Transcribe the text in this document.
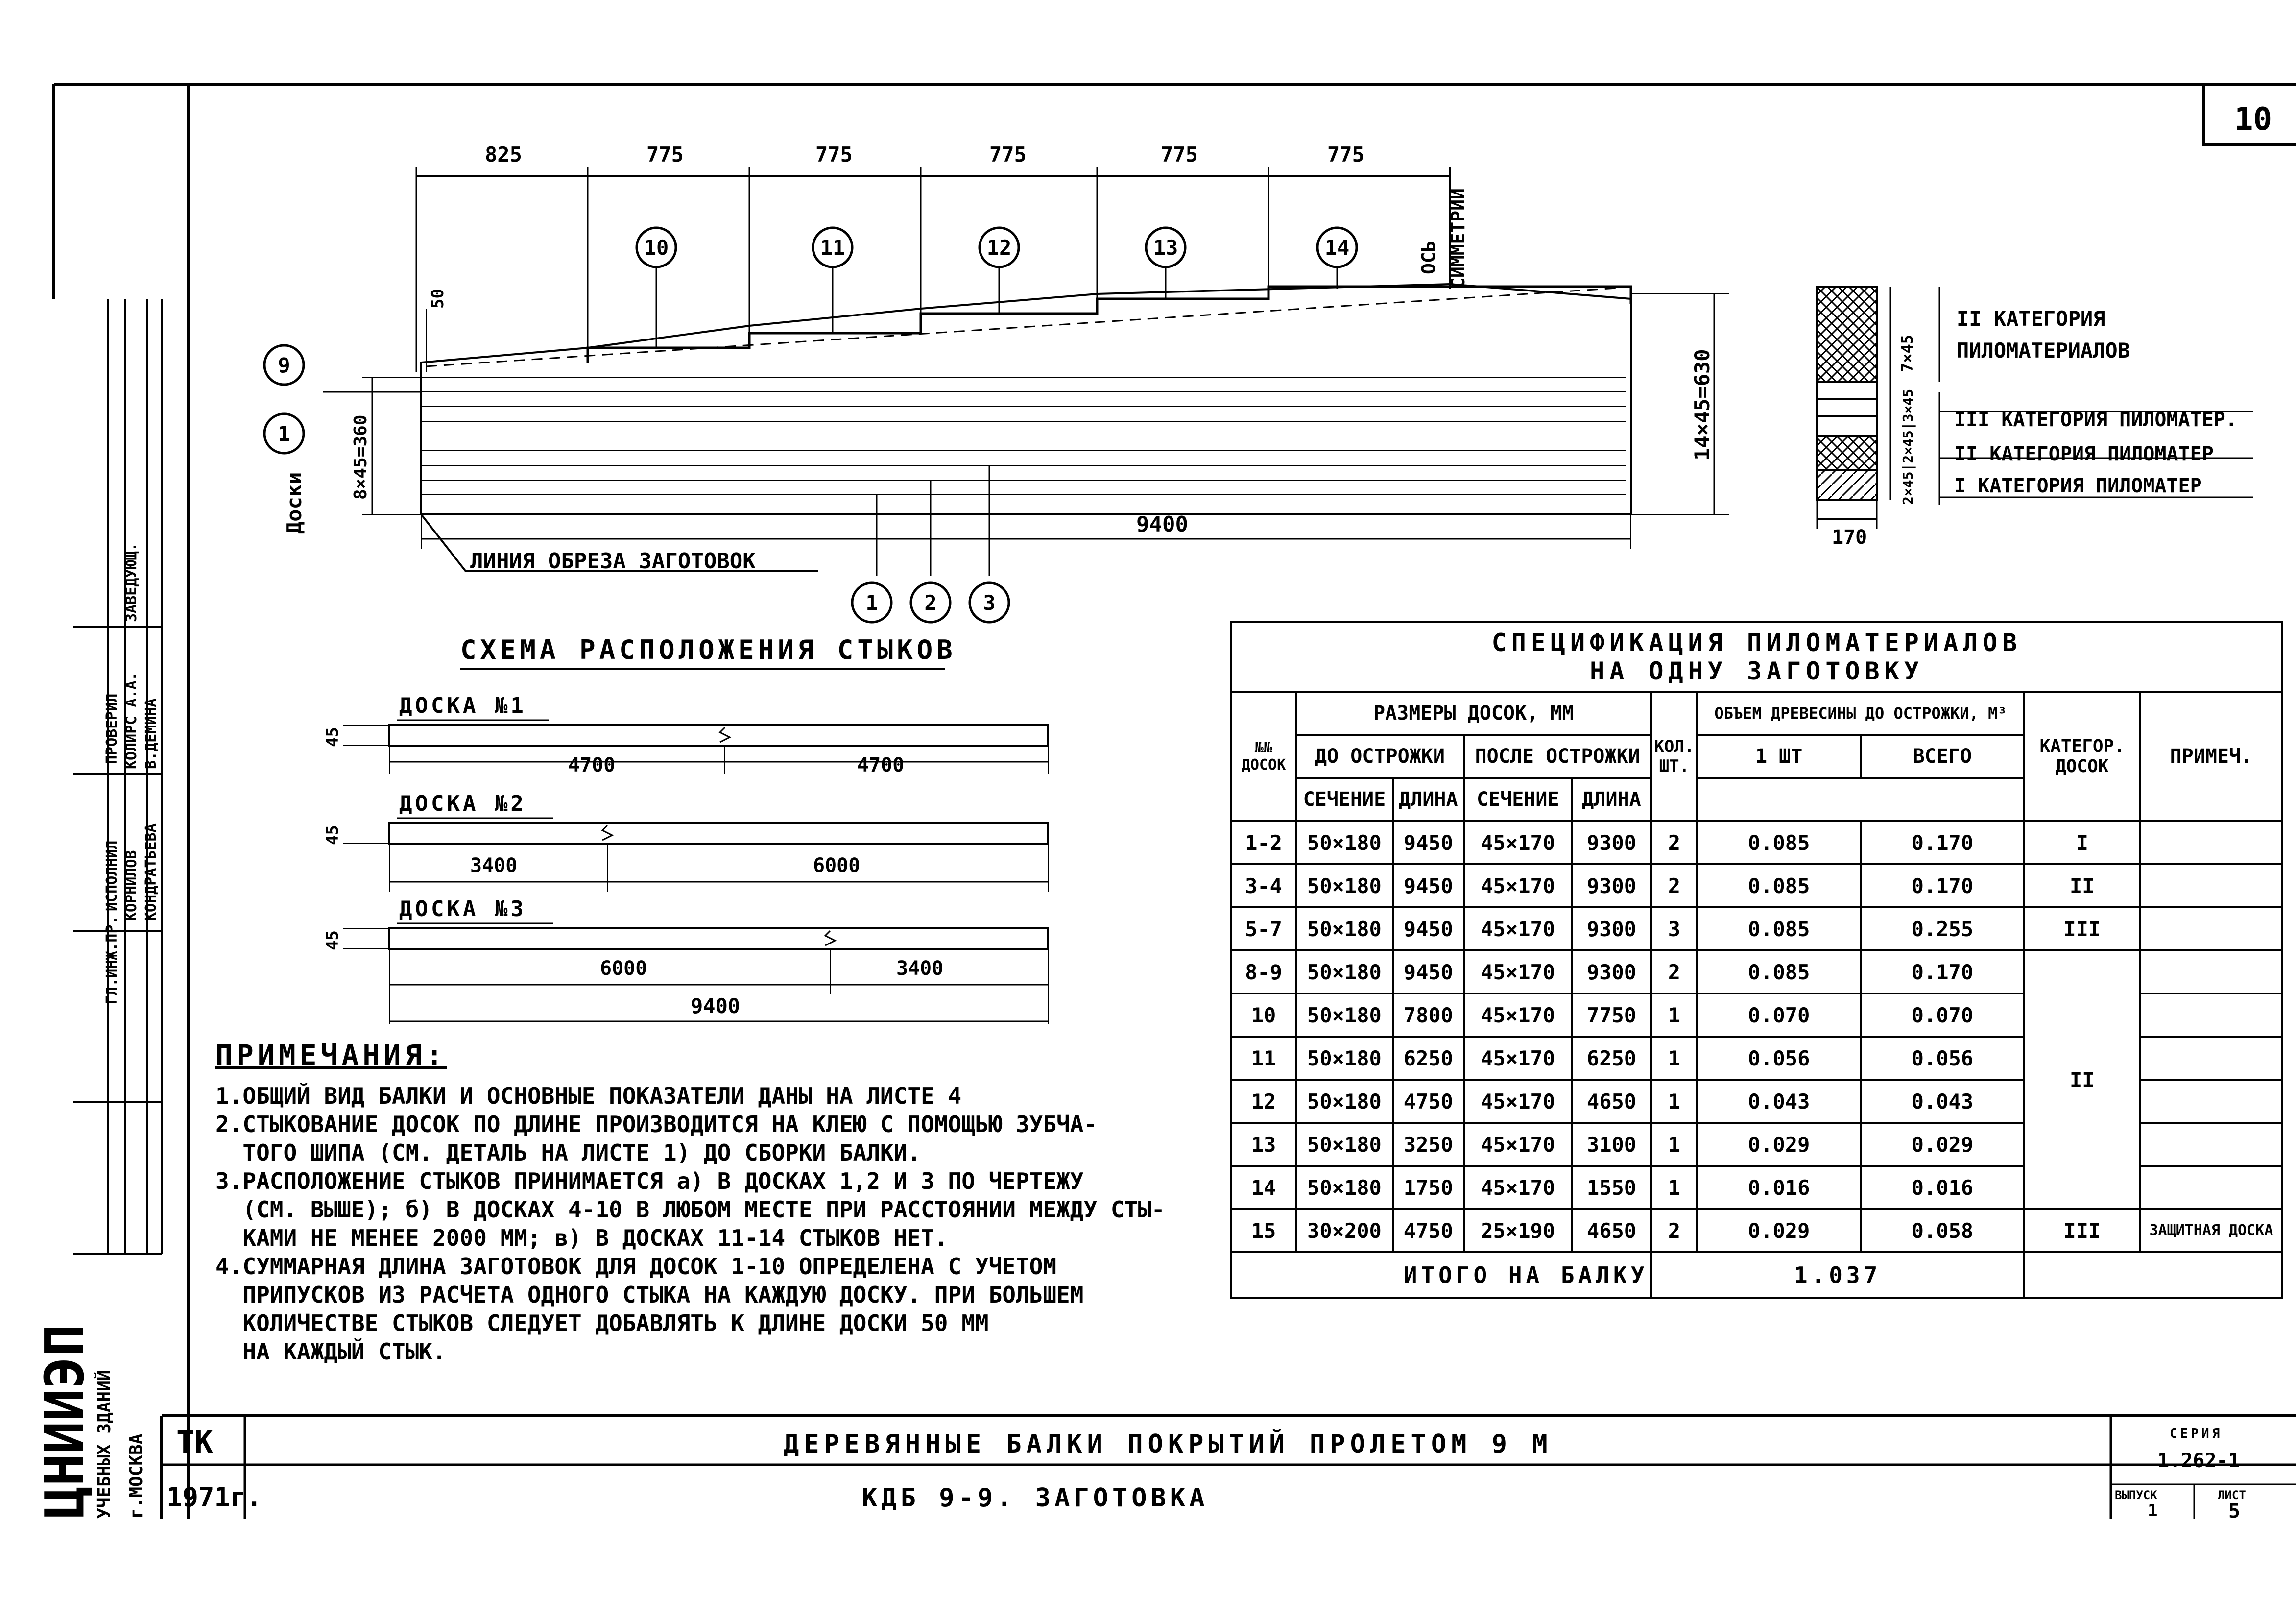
10
ГЛ.ИНЖ.ПР.
ПРОВЕРИЛ
ИСПОЛНИЛ КОРНИЛОВ
КОЛИРС А.А.
КОНДРАТЬЕВА
В.ДЕМИНА
ЗАВЕДУЮЩ.
ЦНИИЭП
УЧЕБНЫХ ЗДАНИЙ г.МОСКВА
825	775	775	775	775	775
ОСЬ СИММЕТРИИ
10	11	12	13	14
1 2 3
1
9
50
8×45=360	14×45=630
9400
Доски
ЛИНИЯ ОБРЕЗА ЗАГОТОВОК
170
7×45
2×45|2×45|3×45
II КАТЕГОРИЯ
ПИЛОМАТЕРИАЛОВ
III КАТЕГОРИЯ ПИЛОМАТЕР.
II КАТЕГОРИЯ ПИЛОМАТЕР
I КАТЕГОРИЯ ПИЛОМАТЕР
СХЕМА РАСПОЛОЖЕНИЯ СТЫКОВ
ДОСКА №1
45
4700	4700
ДОСКА №2
45
3400	6000
ДОСКА №3
45
6000	3400
9400
ТК
1971г.
ДЕРЕВЯННЫЕ БАЛКИ ПОКРЫТИЙ ПРОЛЕТОМ 9 М
КДБ 9-9. ЗАГОТОВКА
СЕРИЯ
1.262-1
ВЫПУСК
1
ЛИСТ
5
ПРИМЕЧАНИЯ:

1.ОБЩИЙ ВИД БАЛКИ И ОСНОВНЫЕ ПОКАЗАТЕЛИ ДАНЫ НА ЛИСТЕ 4

2.СТЫКОВАНИЕ ДОСОК ПО ДЛИНЕ ПРОИЗВОДИТСЯ НА КЛЕЮ С ПОМОЩЬЮ ЗУБЧА-
ТОГО ШИПА (СМ. ДЕТАЛЬ НА ЛИСТЕ 1) ДО СБОРКИ БАЛКИ.

3.РАСПОЛОЖЕНИЕ СТЫКОВ ПРИНИМАЕТСЯ а) В ДОСКАХ 1,2 И 3 ПО ЧЕРТЕЖУ
(СМ. ВЫШЕ); б) В ДОСКАХ 4-10 В ЛЮБОМ МЕСТЕ ПРИ РАССТОЯНИИ МЕЖДУ СТЫ-
КАМИ НЕ МЕНЕЕ 2000 ММ; в) В ДОСКАХ 11-14 СТЫКОВ НЕТ.

4.СУММАРНАЯ ДЛИНА ЗАГОТОВОК ДЛЯ ДОСОК 1-10 ОПРЕДЕЛЕНА С УЧЕТОМ
ПРИПУСКОВ ИЗ РАСЧЕТА ОДНОГО СТЫКА НА КАЖДУЮ ДОСКУ. ПРИ БОЛЬШЕМ
КОЛИЧЕСТВЕ СТЫКОВ СЛЕДУЕТ ДОБАВЛЯТЬ К ДЛИНЕ ДОСКИ 50 ММ
НА КАЖДЫЙ СТЫК.

СПЕЦИФИКАЦИЯ ПИЛОМАТЕРИАЛОВ
НА ОДНУ ЗАГОТОВКУ									

№№ ДОСОК	РАЗМЕРЫ ДОСОК, ММ				КОЛ. ШТ.	ОБЪЕМ ДРЕВЕСИНЫ ДО ОСТРОЖКИ, М³		КАТЕГОР. ДОСОК	ПРИМЕЧ.
	ДО ОСТРОЖКИ		ПОСЛЕ ОСТРОЖКИ			1 ШТ	ВСЕГО		
	СЕЧЕНИЕ	ДЛИНА	СЕЧЕНИЕ	ДЛИНА					
1-2	50×180	9450	45×170	9300	2	0.085	0.170	I	
3-4	50×180	9450	45×170	9300	2	0.085	0.170	II	
5-7	50×180	9450	45×170	9300	3	0.085	0.255	III	
8-9	50×180	9450	45×170	9300	2	0.085	0.170	II	
10	50×180	7800	45×170	7750	1	0.070	0.070		
11	50×180	6250	45×170	6250	1	0.056	0.056		
12	50×180	4750	45×170	4650	1	0.043	0.043		
13	50×180	3250	45×170	3100	1	0.029	0.029		
14	50×180	1750	45×170	1550	1	0.016	0.016		
15	30×200	4750	25×190	4650	2	0.029	0.058	III	ЗАЩИТНАЯ ДОСКА
ИТОГО НА БАЛКУ					1.037				
